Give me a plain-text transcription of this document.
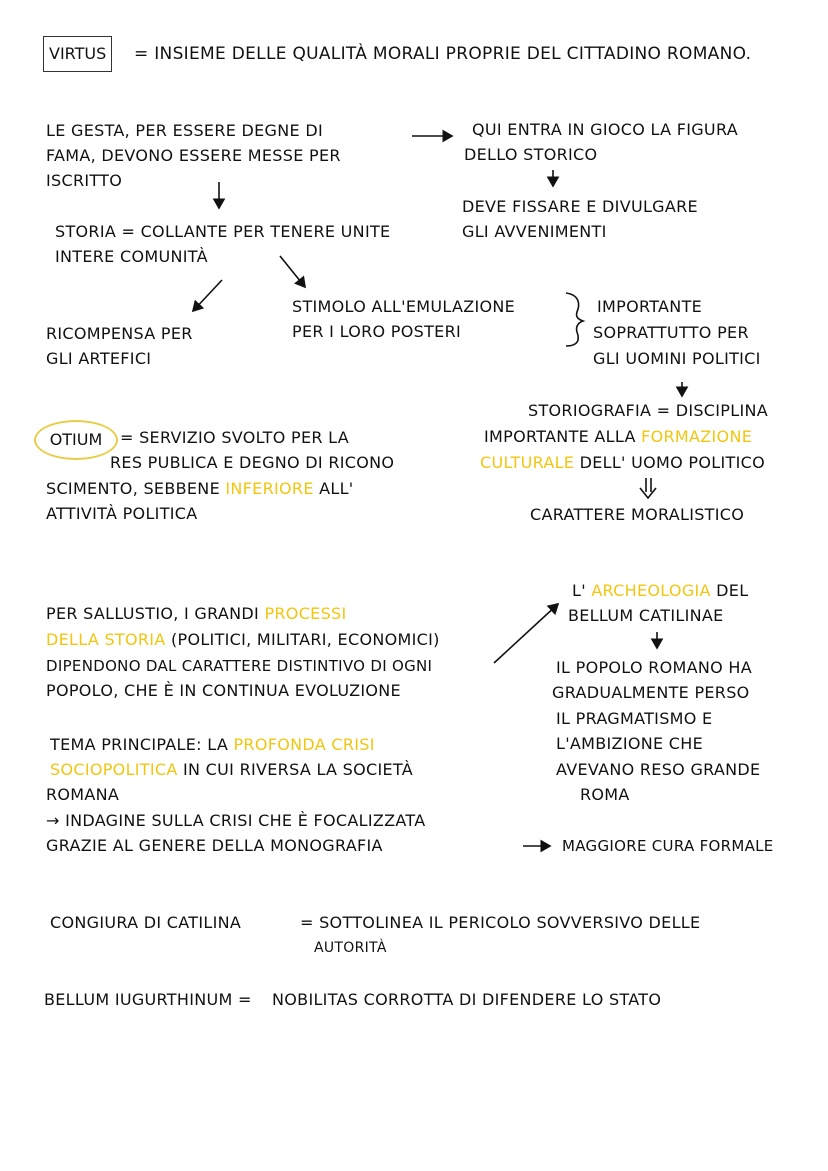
VIRTUS	= INSIEME DELLE QUALITÀ MORALI PROPRIE DEL CITTADINO ROMANO.
LE GESTA, PER ESSERE DEGNE DI
FAMA, DEVONO ESSERE MESSE PER
ISCRITTO
QUI ENTRA IN GIOCO LA FIGURA
DELLO STORICO
DEVE FISSARE E DIVULGARE
GLI AVVENIMENTI
STORIA = COLLANTE PER TENERE UNITE
INTERE COMUNITÀ
RICOMPENSA PER
GLI ARTEFICI
STIMOLO ALL'EMULAZIONE
PER I LORO POSTERI
IMPORTANTE
SOPRATTUTTO PER
GLI UOMINI POLITICI
OTIUM	= SERVIZIO SVOLTO PER LA
RES PUBLICA E DEGNO DI RICONO
SCIMENTO, SEBBENE INFERIORE ALL'
ATTIVITÀ POLITICA
STORIOGRAFIA = DISCIPLINA
IMPORTANTE ALLA FORMAZIONE
CULTURALE DELL' UOMO POLITICO
CARATTERE MORALISTICO
PER SALLUSTIO, I GRANDI PROCESSI
DELLA STORIA (POLITICI, MILITARI, ECONOMICI)
DIPENDONO DAL CARATTERE DISTINTIVO DI OGNI
POPOLO, CHE È IN CONTINUA EVOLUZIONE
L' ARCHEOLOGIA DEL
BELLUM CATILINAE
IL POPOLO ROMANO HA
GRADUALMENTE PERSO
IL PRAGMATISMO E
L'AMBIZIONE CHE
AVEVANO RESO GRANDE
ROMA
TEMA PRINCIPALE: LA PROFONDA CRISI
SOCIOPOLITICA IN CUI RIVERSA LA SOCIETÀ
ROMANA
→ INDAGINE SULLA CRISI CHE È FOCALIZZATA
GRAZIE AL GENERE DELLA MONOGRAFIA	MAGGIORE CURA FORMALE
CONGIURA DI CATILINA	= SOTTOLINEA IL PERICOLO SOVVERSIVO DELLE
AUTORITÀ
BELLUM IUGURTHINUM = NOBILITAS CORROTTA DI DIFENDERE LO STATO
